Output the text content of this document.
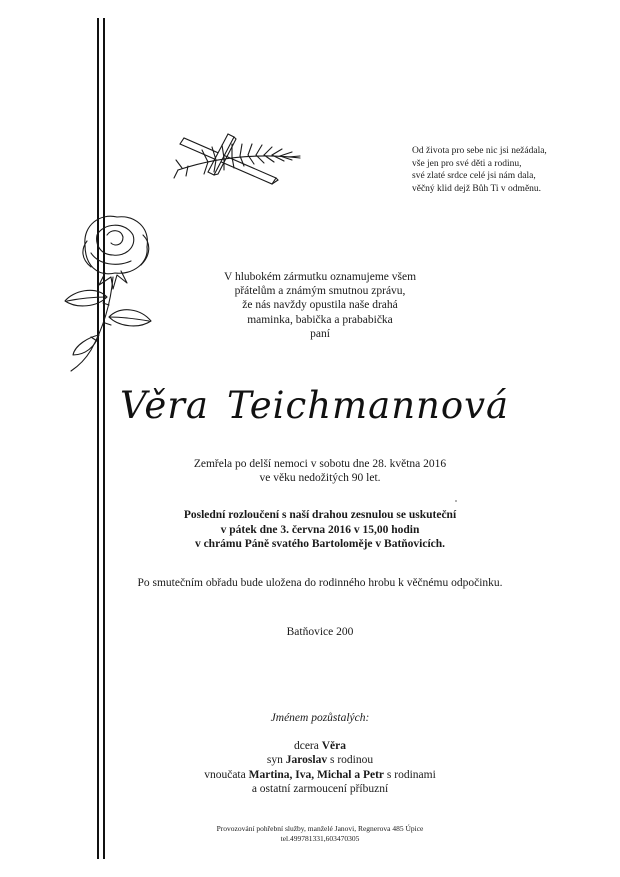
Od života pro sebe nic jsi nežádala,
vše jen pro své děti a rodinu,
své zlaté srdce celé jsi nám dala,
věčný klid dejž Bůh Ti v odměnu.
V hlubokém zármutku oznamujeme všem
přátelům a známým smutnou zprávu,
že nás navždy opustila naše drahá
maminka, babička a prababička
paní
Věra Teichmannová
Zemřela po delší nemoci v sobotu dne 28. května 2016
ve věku nedožitých 90 let.
Poslední rozloučení s naší drahou zesnulou se uskuteční
v pátek dne 3. června 2016 v 15,00 hodin
v chrámu Páně svatého Bartoloměje v Batňovicích.
Po smutečním obřadu bude uložena do rodinného hrobu k věčnému odpočinku.
Batňovice 200
Jménem pozůstalých:
dcera Věra
syn Jaroslav s rodinou
vnoučata Martina, Iva, Michal a Petr s rodinami
a ostatní zarmoucení příbuzní
Provozování pohřební služby, manželé Janovi, Regnerova 485 Úpice
tel.499781331,603470305
